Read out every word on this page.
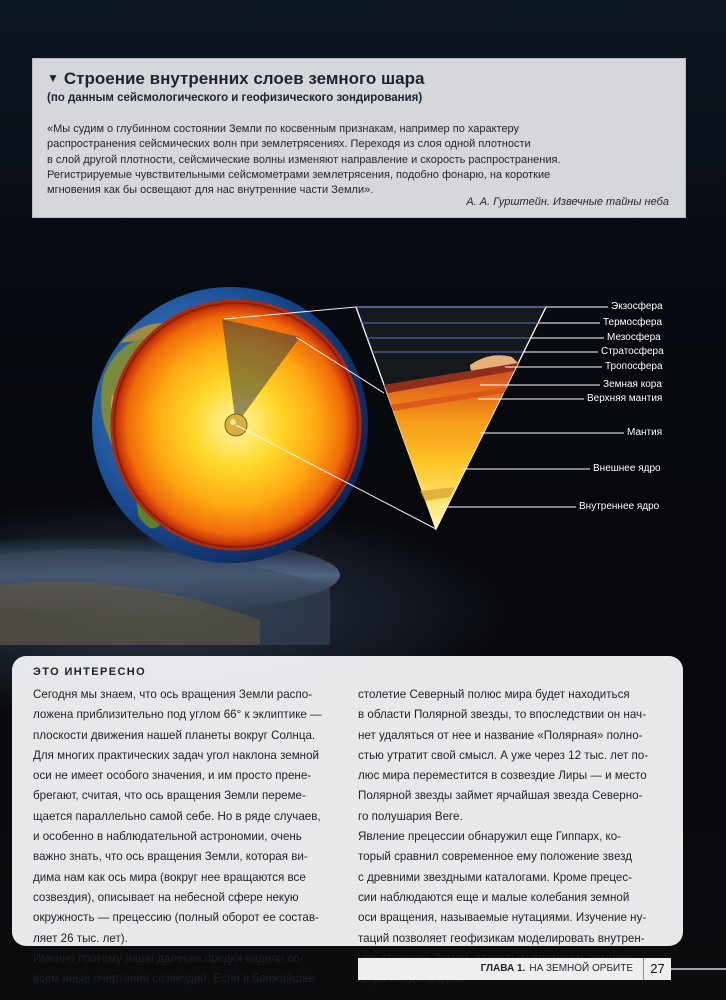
▼ Строение внутренних слоев земного шара
(по данным сейсмологического и геофизического зондирования)
«Мы судим о глубинном состоянии Земли по косвенным признакам, например по характеру
распространения сейсмических волн при землетрясениях. Переходя из слоя одной плотности
в слой другой плотности, сейсмические волны изменяют направление и скорость распространения.
Регистрируемые чувствительными сейсмометрами землетрясения, подобно фонарю, на короткие
мгновения как бы освещают для нас внутренние части Земли».
А. А. Гурштейн. Извечные тайны неба
Экзосфера
Термосфера
Мезосфера
Стратосфера
Тропосфера
Земная кора
Верхняя мантия
Мантия
Внешнее ядро
Внутреннее ядро
ЭТО ИНТЕРЕСНО
Сегодня мы знаем, что ось вращения Земли распо-
ложена приблизительно под углом 66° к эклиптике —
плоскости движения нашей планеты вокруг Солнца.
Для многих практических задач угол наклона земной
оси не имеет особого значения, и им просто прене-
брегают, считая, что ось вращения Земли переме-
щается параллельно самой себе. Но в ряде случаев,
и особенно в наблюдательной астрономии, очень
важно знать, что ось вращения Земли, которая ви-
дима нам как ось мира (вокруг нее вращаются все
созвездия), описывает на небесной сфере некую
окружность — прецессию (полный оборот ее состав-
ляет 26 тыс. лет).
Именно поэтому наши далекие предки видели со-
всем иные очертания созвездий. Если в ближайшее
столетие Северный полюс мира будет находиться
в области Полярной звезды, то впоследствии он нач-
нет удаляться от нее и название «Полярная» полно-
стью утратит свой смысл. А уже через 12 тыс. лет по-
люс мира переместится в созвездие Лиры — и место
Полярной звезды займет ярчайшая звезда Северно-
го полушария Веге.
Явление прецессии обнаружил еще Гиппарх, ко-
торый сравнил современное ему положение звезд
с древними звездными каталогами. Кроме прецес-
сии наблюдаются еще и малые колебания земной
оси вращения, называемые нутациями. Изучение ну-
таций позволяет геофизикам моделировать внутрен-
ГЛАВА 1. НА ЗЕМНОЙ ОРБИТЕ	27
